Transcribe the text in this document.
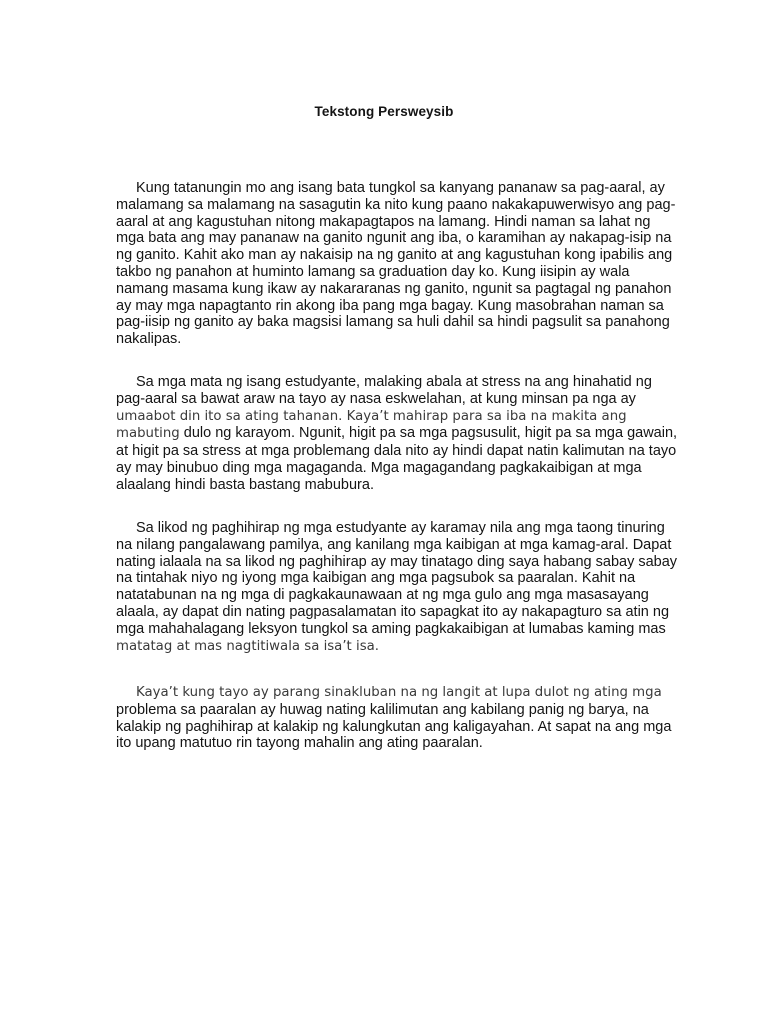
Tekstong Persweysib

Kung tatanungin mo ang isang bata tungkol sa kanyang pananaw sa pag-aaral, ay malamang sa malamang na sasagutin ka nito kung paano nakakapuwerwisyo ang pag-aaral at ang kagustuhan nitong makapagtapos na lamang. Hindi naman sa lahat ng mga bata ang may pananaw na ganito ngunit ang iba, o karamihan ay nakapag-isip na ng ganito. Kahit ako man ay nakaisip na ng ganito at ang kagustuhan kong ipabilis ang takbo ng panahon at huminto lamang sa graduation day ko. Kung iisipin ay wala namang masama kung ikaw ay nakararanas ng ganito, ngunit sa pagtagal ng panahon ay may mga napagtanto rin akong iba pang mga bagay. Kung masobrahan naman sa pag-iisip ng ganito ay baka magsisi lamang sa huli dahil sa hindi pagsulit sa panahong nakalipas.

Sa mga mata ng isang estudyante, malaking abala at stress na ang hinahatid ng pag-aaral sa bawat araw na tayo ay nasa eskwelahan, at kung minsan pa nga ay umaabot din ito sa ating tahanan. Kaya’t mahirap para sa iba na makita ang mabuting dulo ng karayom. Ngunit, higit pa sa mga pagsusulit, higit pa sa mga gawain, at higit pa sa stress at mga problemang dala nito ay hindi dapat natin kalimutan na tayo ay may binubuo ding mga magaganda. Mga magagandang pagkakaibigan at mga alaalang hindi basta bastang mabubura.

Sa likod ng paghihirap ng mga estudyante ay karamay nila ang mga taong tinuring na nilang pangalawang pamilya, ang kanilang mga kaibigan at mga kamag-aral. Dapat nating ialaala na sa likod ng paghihirap ay may tinatago ding saya habang sabay sabay na tintahak niyo ng iyong mga kaibigan ang mga pagsubok sa paaralan. Kahit na natatabunan na ng mga di pagkakaunawaan at ng mga gulo ang mga masasayang alaala, ay dapat din nating pagpasalamatan ito sapagkat ito ay nakapagturo sa atin ng mga mahahalagang leksyon tungkol sa aming pagkakaibigan at lumabas kaming mas matatag at mas nagtitiwala sa isa’t isa.

Kaya’t kung tayo ay parang sinakluban na ng langit at lupa dulot ng ating mga problema sa paaralan ay huwag nating kalilimutan ang kabilang panig ng barya, na kalakip ng paghihirap at kalakip ng kalungkutan ang kaligayahan. At sapat na ang mga ito upang matutuo rin tayong mahalin ang ating paaralan.
